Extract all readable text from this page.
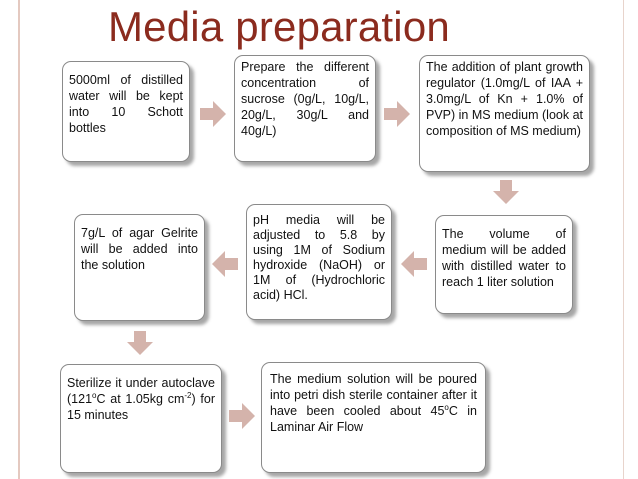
Media preparation
5000ml of distilled water will be kept into 10 Schott bottles
Prepare the different concentration of sucrose (0g/L, 10g/L, 20g/L, 30g/L and 40g/L)
The addition of plant growth regulator (1.0mg/L of IAA + 3.0mg/L of Kn + 1.0% of PVP) in MS medium (look at composition of MS medium)
The volume of medium will be added with distilled water to reach 1 liter solution
pH media will be adjusted to 5.8 by using 1M of Sodium hydroxide (NaOH) or 1M of (Hydrochloric acid) HCl.
7g/L of agar Gelrite will be added into the solution
Sterilize it under autoclave (121$^o$C at 1.05kg $cm^{-2}$) for 15 minutes
The medium solution will be poured into petri dish sterile container after it have been cooled about 45$^o$C in Laminar Air Flow
